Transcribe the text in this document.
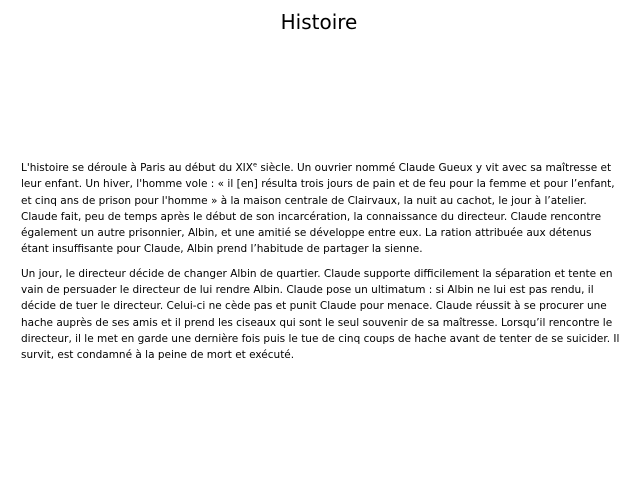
Histoire

L'histoire se déroule à Paris au début du XIXe siècle. Un ouvrier nommé Claude Gueux y vit avec sa maîtresse et leur enfant. Un hiver, l'homme vole : « il [en] résulta trois jours de pain et de feu pour la femme et pour l’enfant, et cinq ans de prison pour l'homme » à la maison centrale de Clairvaux, la nuit au cachot, le jour à l’atelier. Claude fait, peu de temps après le début de son incarcération, la connaissance du directeur. Claude rencontre également un autre prisonnier, Albin, et une amitié se développe entre eux. La ration attribuée aux détenus étant insuffisante pour Claude, Albin prend l’habitude de partager la sienne.

Un jour, le directeur décide de changer Albin de quartier. Claude supporte difficilement la séparation et tente en vain de persuader le directeur de lui rendre Albin. Claude pose un ultimatum : si Albin ne lui est pas rendu, il décide de tuer le directeur. Celui-ci ne cède pas et punit Claude pour menace. Claude réussit à se procurer une hache auprès de ses amis et il prend les ciseaux qui sont le seul souvenir de sa maîtresse. Lorsqu’il rencontre le directeur, il le met en garde une dernière fois puis le tue de cinq coups de hache avant de tenter de se suicider. Il survit, est condamné à la peine de mort et exécuté.
